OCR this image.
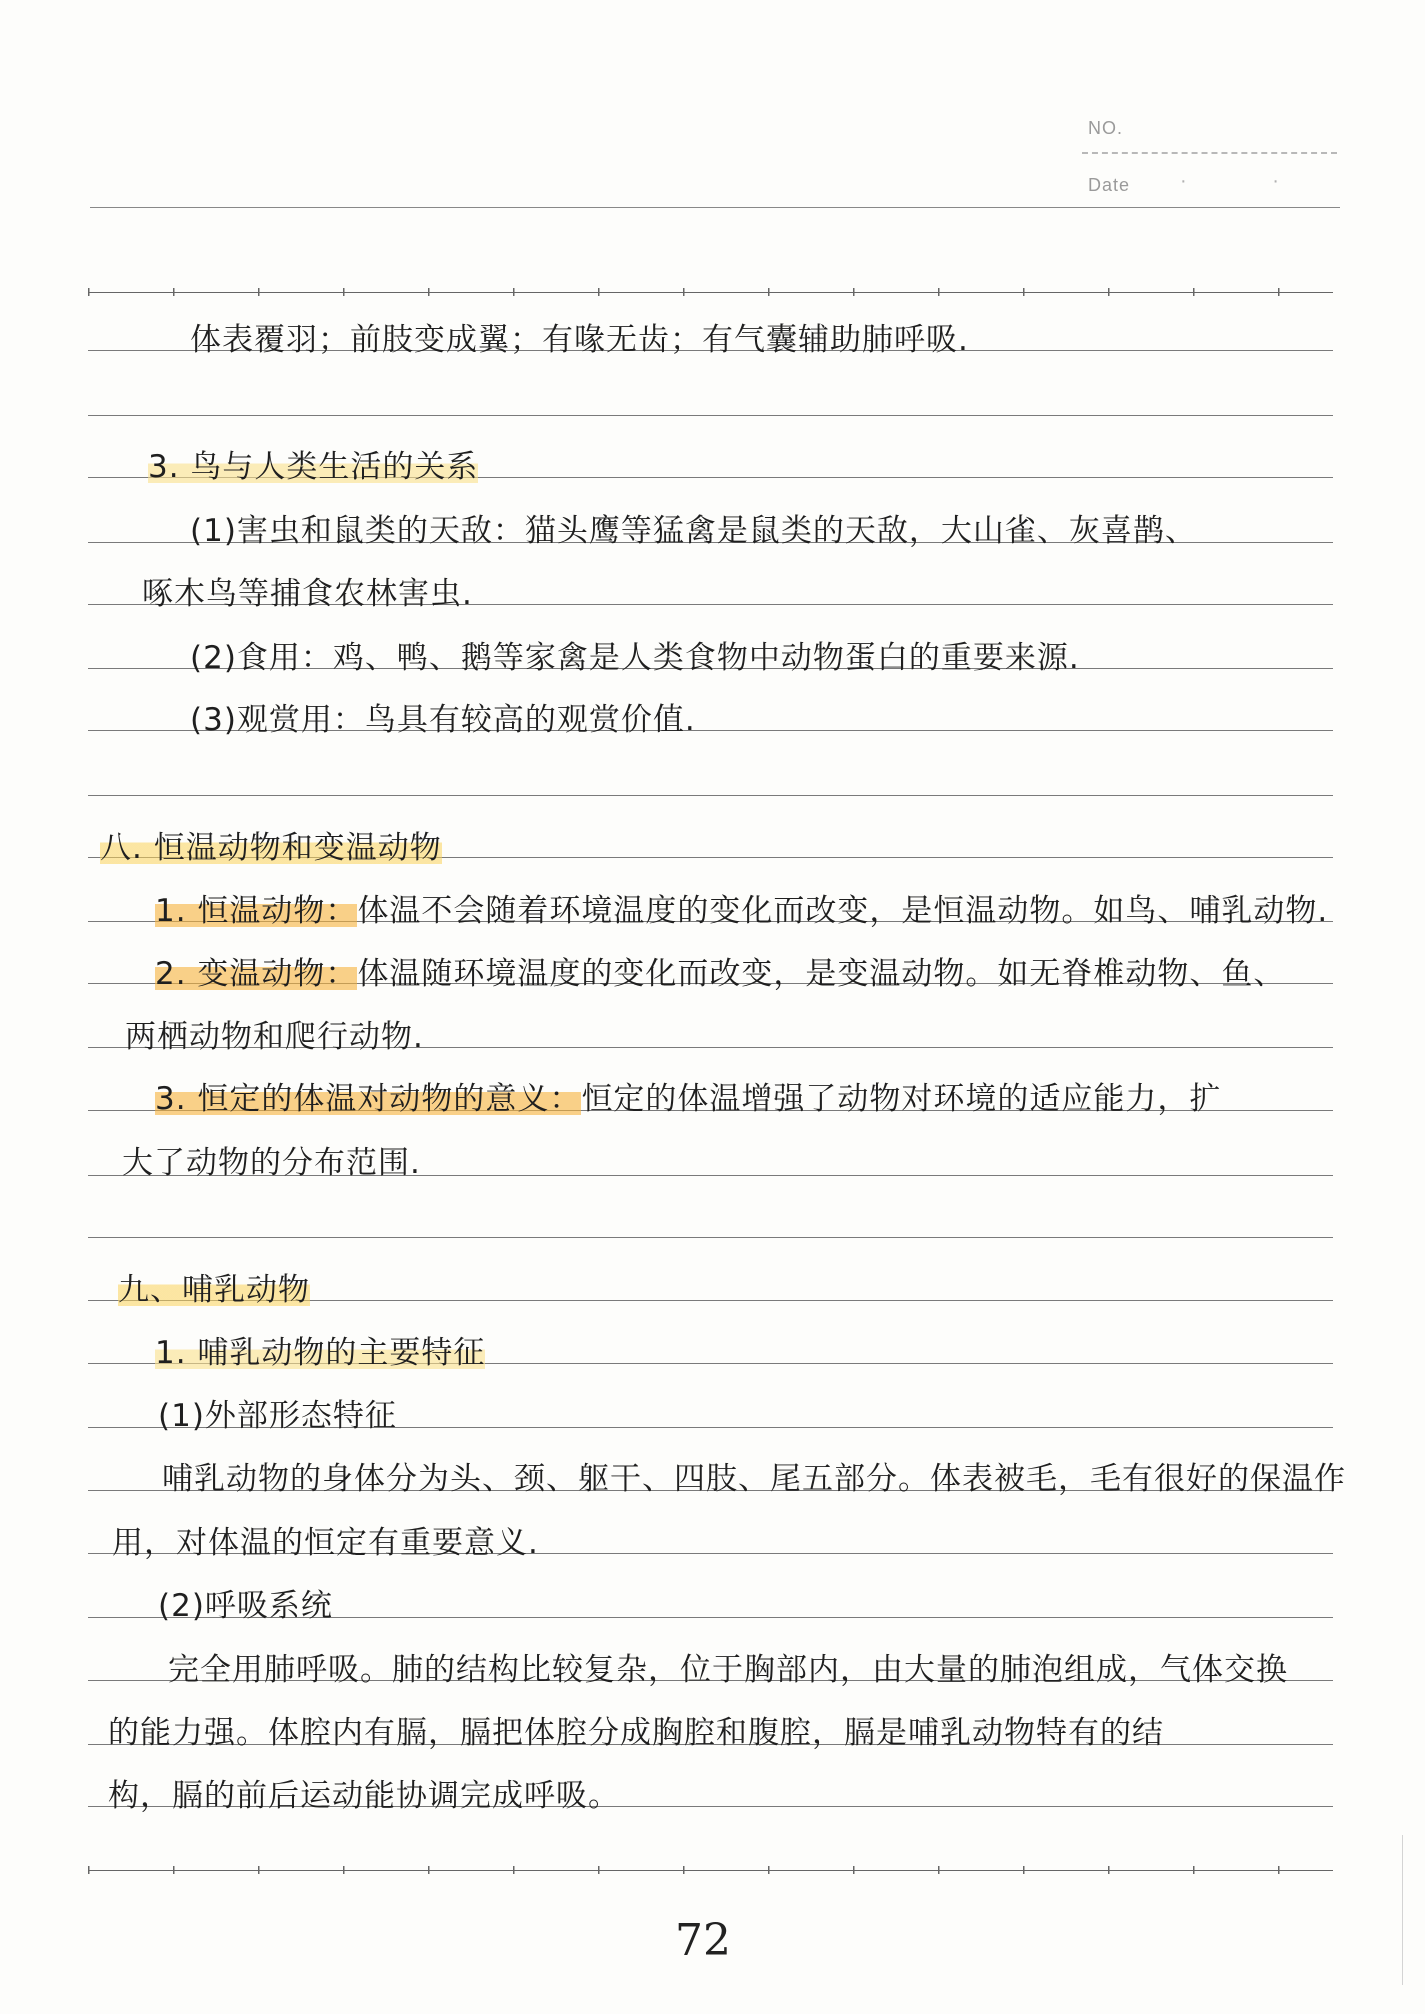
NO.
Date · ·
体表覆羽；前肢变成翼；有喙无齿；有气囊辅助肺呼吸.
3. 鸟与人类生活的关系
(1)害虫和鼠类的天敌：猫头鹰等猛禽是鼠类的天敌，大山雀、灰喜鹊、
啄木鸟等捕食农林害虫.
(2)食用：鸡、鸭、鹅等家禽是人类食物中动物蛋白的重要来源.
(3)观赏用：鸟具有较高的观赏价值.
八. 恒温动物和变温动物
1. 恒温动物：体温不会随着环境温度的变化而改变，是恒温动物。如鸟、哺乳动物.
2. 变温动物：体温随环境温度的变化而改变，是变温动物。如无脊椎动物、鱼、
两栖动物和爬行动物.
3. 恒定的体温对动物的意义：恒定的体温增强了动物对环境的适应能力，扩
大了动物的分布范围.
九、哺乳动物
1. 哺乳动物的主要特征
(1)外部形态特征
哺乳动物的身体分为头、颈、躯干、四肢、尾五部分。体表被毛，毛有很好的保温作
用，对体温的恒定有重要意义.
(2)呼吸系统
完全用肺呼吸。肺的结构比较复杂，位于胸部内，由大量的肺泡组成，气体交换
的能力强。体腔内有膈，膈把体腔分成胸腔和腹腔，膈是哺乳动物特有的结
构，膈的前后运动能协调完成呼吸。
72
